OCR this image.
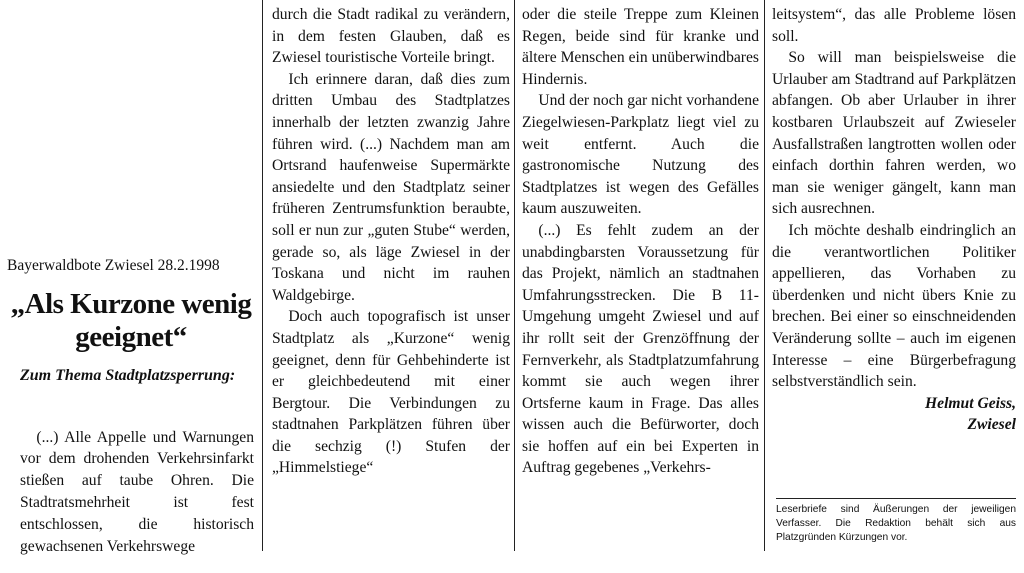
Bayerwaldbote Zwiesel 28.2.1998
„Als Kurzone wenig geeignet“
Zum Thema Stadtplatzsperrung:

(...) Alle Appelle und Warnungen vor dem drohenden Verkehrsinfarkt stießen auf taube Ohren. Die Stadtratsmehrheit ist fest entschlossen, die historisch gewachsenen Verkehrswege

durch die Stadt radikal zu verändern, in dem festen Glauben, daß es Zwiesel touristische Vorteile bringt.

Ich erinnere daran, daß dies zum dritten Umbau des Stadtplatzes innerhalb der letzten zwanzig Jahre führen wird. (...) Nachdem man am Ortsrand haufenweise Supermärkte ansiedelte und den Stadtplatz seiner früheren Zentrumsfunktion beraubte, soll er nun zur „guten Stube“ werden, gerade so, als läge Zwiesel in der Toskana und nicht im rauhen Waldgebirge.

Doch auch topografisch ist unser Stadtplatz als „Kurzone“ wenig geeignet, denn für Gehbehinderte ist er gleichbedeutend mit einer Bergtour. Die Verbindungen zu stadtnahen Parkplätzen führen über die sechzig (!) Stufen der „Himmelstiege“

oder die steile Treppe zum Kleinen Regen, beide sind für kranke und ältere Menschen ein unüberwindbares Hindernis.

Und der noch gar nicht vorhandene Ziegelwiesen-Parkplatz liegt viel zu weit entfernt. Auch die gastronomische Nutzung des Stadtplatzes ist wegen des Gefälles kaum auszuweiten.

(...) Es fehlt zudem an der unabdingbarsten Voraussetzung für das Projekt, nämlich an stadtnahen Umfahrungsstrecken. Die B 11-Umgehung umgeht Zwiesel und auf ihr rollt seit der Grenzöffnung der Fernverkehr, als Stadtplatzumfahrung kommt sie auch wegen ihrer Ortsferne kaum in Frage. Das alles wissen auch die Befürworter, doch sie hoffen auf ein bei Experten in Auftrag gegebenes „Verkehrs-

leitsystem“, das alle Probleme lösen soll.

So will man beispielsweise die Urlauber am Stadtrand auf Parkplätzen abfangen. Ob aber Urlauber in ihrer kostbaren Urlaubszeit auf Zwieseler Ausfallstraßen langtrotten wollen oder einfach dorthin fahren werden, wo man sie weniger gängelt, kann man sich ausrechnen.

Ich möchte deshalb eindringlich an die verantwortlichen Politiker appellieren, das Vorhaben zu überdenken und nicht übers Knie zu brechen. Bei einer so einschneidenden Veränderung sollte – auch im eigenen Interesse – eine Bürgerbefragung selbstverständlich sein.

Helmut Geiss,

Zwiesel

Leserbriefe sind Äußerungen der jeweiligen Verfasser. Die Redaktion behält sich aus Platzgründen Kürzungen vor.
